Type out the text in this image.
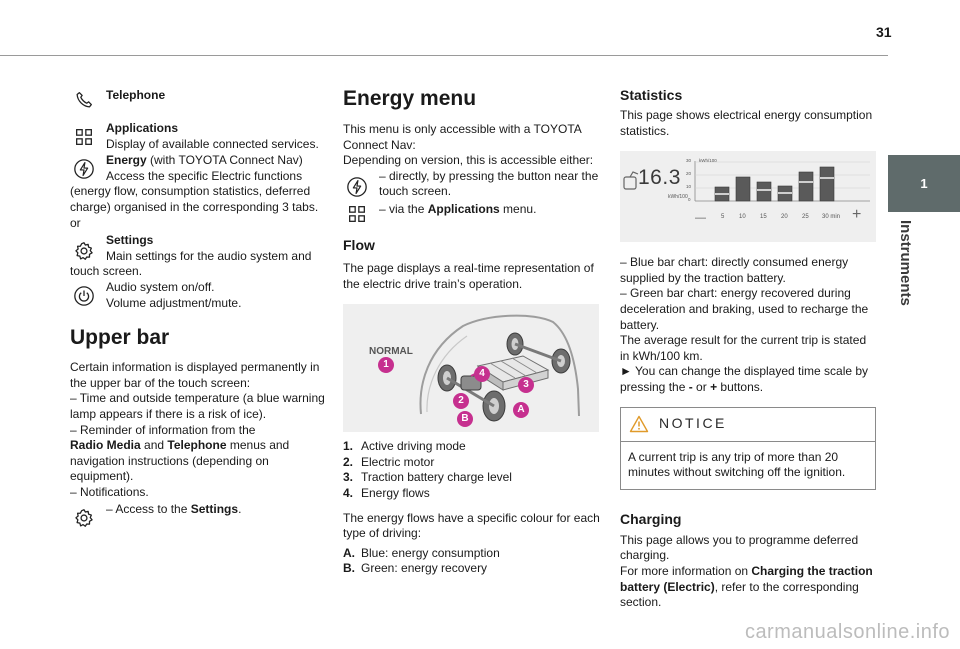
31
1
Instruments
Telephone
Applications
Display of available connected services.
Energy (with TOYOTA Connect Nav)
Access the specific Electric functions
(energy flow, consumption statistics, deferred charge) organised in the corresponding 3 tabs.
or
Settings
Main settings for the audio system and
touch screen.
Audio system on/off.
Volume adjustment/mute.
Upper bar
Certain information is displayed permanently in the upper bar of the touch screen:
– Time and outside temperature (a blue warning lamp appears if there is a risk of ice).
– Reminder of information from the
Radio Media and Telephone menus and navigation instructions (depending on equipment).
– Notifications.
– Access to the Settings.
Energy menu
This menu is only accessible with a TOYOTA Connect Nav:
Depending on version, this is accessible either:
– directly, by pressing the button near the touch screen.
– via the Applications menu.
Flow
The page displays a real-time representation of the electric drive train’s operation.
NORMAL
1
4
3
2
A
B
1. Active driving mode
2. Electric motor
3. Traction battery charge level
4. Energy flows
The energy flows have a specific colour for each type of driving:
A. Blue: energy consumption
B. Green: energy recovery
Statistics
This page shows electrical energy consumption statistics.
16.3
kWh/100
kWh/100
30
20
10
0
—	5 10 15 20 25 30 min +
– Blue bar chart: directly consumed energy supplied by the traction battery.
– Green bar chart: energy recovered during deceleration and braking, used to recharge the battery.
The average result for the current trip is stated in kWh/100 km.
► You can change the displayed time scale by pressing the - or + buttons.
NOTICE
A current trip is any trip of more than 20 minutes without switching off the ignition.
Charging
This page allows you to programme deferred charging.
For more information on Charging the traction battery (Electric), refer to the corresponding section.
carmanualsonline.info
